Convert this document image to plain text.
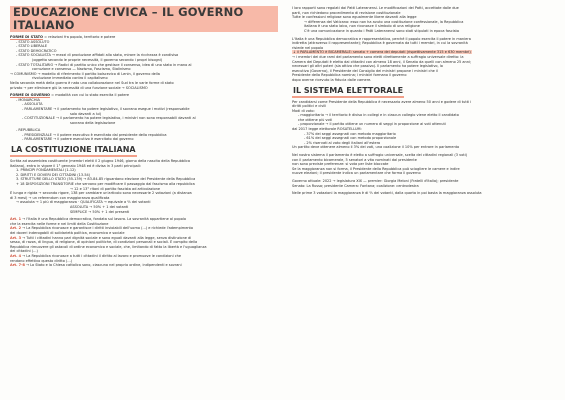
EDUCAZIONE CIVICA – IL GOVERNO ITALIANO
FORME DI STATO = relazioni fra popolo, territorio e potere
- STATO ASSOLUTO
- STATO LIBERALE
- STATO DEMOCRATICO
- STATO SOCIALISTA → mezzi di produzione affidati allo stato, mirare la ricchezza è condivisa
(oggetto secondo le proprie necessità, il governo secondo i propri bisogni)
- STATO TOTALITARIO → Radici di partito unico che gestisce il consenso, idea di uno stato in mano al
corruzione e consenso — Nazismo, Fascismo, Stalinismo
→ COMUNISMO → modello di riferimento il partito bolscevico di Lenin, il governo della
rivoluzione immediata contro il capitalismo
Nella seconda metà della guerra è nato una collaborazione nel Sud tra le varie forme di stato
privato → per eliminare giù la necessità di una funzione sociale → SOCIALISMO
FORME DI GOVERNO = modalità con cui lo stato esercita il potere
- MONARCHIA
- ASSOLUTA
- PARLAMENTARE → il parlamento ha potere legislativo, il sovrano esegue i motivi (responsabile
solo davanti a lui)
- COSTITUZIONALE → il parlamento ha potere legislativo, i ministri non sono responsabili davanti al
sovrano della legislazione
- REPUBBLICA
- PRESIDENZIALE → il potere esecutivo è esercitato dal presidente della repubblica
- PARLAMENTARE → il potere esecutivo è esercitato dal governo
LA COSTITUZIONE ITALIANA
Scritta ad assemblea costituente (membri eletti il 2 giugno 1946, giorno della nascita della Repubblica
Italiana), entra in vigore il 1° gennaio 1948 ed è divisa in 3 parti principali:
1. PRINCIPI FONDAMENTALI (1-12)
2. DIRITTI E DOVERI DEI CITTADINI (13-54)
3. STRUTTURE DELLO STATO (55-139) → 83-84-85 riguardano elezione del Presidente della Repubblica
+ 18 DISPOSIZIONI TRANSITORIE che servono per modificare il passaggio dal fascismo alla repubblica
→ 12 e 13° ritoni di partito fascista ad articolazione
È lunga e rigida → secondo rigore, 138 per cambiare un'articolo sono necessarie 2 votazioni (a distanza
di 3 mesi) → un referendum con maggioranza qualificata
→ assoluta → 1 più di maggioranza · QUALIFICATA → equivale a ⅔ dei votanti
ASSOLUTA → 50% + 1 dei votanti
SEMPLICE → 50% + 1 dei presenti
Art. 1 → l'Italia è una Repubblica democratica, fondata sul lavoro. La sovranità appartiene al popolo
che la esercita nelle forme e nei limiti della Costituzione
Art. 2 → La Repubblica riconosce e garantisce i diritti inviolabili dell'uomo (...) e richiede l'adempimento
dei doveri inderogabili di solidarietà politica, economica e sociale
Art. 3 → Tutti i cittadini hanno pari dignità sociale e sono eguali davanti alla legge, senza distinzione di
sesso, di razza, di lingua, di religione, di opinioni politiche, di condizioni personali e sociali. È compito della
Repubblica rimuovere gli ostacoli di ordine economico e sociale, che, limitando di fatto la libertà e l'uguaglianza
dei cittadini (...)
Art. 4 → La Repubblica riconosce a tutti i cittadini il diritto al lavoro e promuove le condizioni che
rendano effettivo questo diritto (...)
Art. 7-8 → Lo Stato e la Chiesa cattolica sono, ciascuno nel proprio ordine, indipendenti e sovrani
I loro rapporti sono regolati dai Patti Lateranensi. Le modificazioni dei Patti, accettate dalle due
parti, non richiedono procedimento di revisione costituzionale
Tutte le confessioni religiose sono egualmente libere davanti alla legge
→ differenza del Vaticano: esso non ha avuto una costituzione confessionale, la Repubblica
italiana è uno stato laico, non riconosce il simbolo di una religione
C'è una comunicazione in quanto i Patti Lateranensi sono stati stipulati in epoca fascista
L'Italia è una Repubblica democratica e rappresentativa, perché il popolo esercita il potere in maniera
indiretta (attraverso il rappresentante); Repubblica è governata da tutti i membri, in cui la sovranità
risiede nel popolo
↓ il PARLAMENTO è BICAMERALE: senato + camera dei deputati (rispettivamente 315 e 630 membri)
→ i membri dei due rami del parlamento sono eletti direttamente a suffragio universale diretto: la
Camera dei Deputati è eletta dai cittadini con almeno 18 anni, il Senato da quelli con almeno 25 anni;
necessari gli altri poteri (sia attivo che passivo). Il parlamento ha potere legislativo, lo
esecutivo (Governo), il Presidente del Consiglio dei ministri propone i ministri che il
Presidente della Repubblica nomina; i ministri formano il governo
dopo averne ricevuto la fiducia dalle camere.
IL SISTEMA ELETTORALE
Per candidarsi come Presidente della Repubblica è necessario avere almeno 50 anni e godere di tutti i
diritti politici e civili
Modi di voto:
- maggioritario → il territorio è diviso in collegi e in ciascun collegio viene eletto il candidato
che ottiene più voti
- proporzionale → il partito ottiene un numero di seggi in proporzione ai voti ottenuti
dal 2017 legge elettorale ROSATELLUM:
- 37% dei seggi assegnati con metodo maggioritario
- 61% dei seggi assegnati con metodo proporzionale
- 2% riservati al voto degli italiani all'estero
Un partito deve ottenere almeno il 3% dei voti, una coalizione il 10% per entrare in parlamento
Nel nostro sistema il parlamento è eletto a suffragio universale, scelta dei cittadini regionali (3 voti)
con il parlamento bicamerale, 5 senatori a vita nominati dal presidente
non sono previste preferenze: si vota per liste bloccate
Se la maggioranza non si forma, il Presidente della Repubblica può sciogliere le camere e indire
nuove elezioni; il presidente indica un parlamentare che forma il governo
Governo attuale: 2022 → legislatura XIX — premier: Giorgia Meloni (Fratelli d'Italia); presidente
Senato: La Russa; presidente Camera: Fontana; coalizione: centrodestra
Nelle prime 3 votazioni la maggioranza è di ⅔ dei votanti, dalla quarta in poi basta la maggioranza assoluta
